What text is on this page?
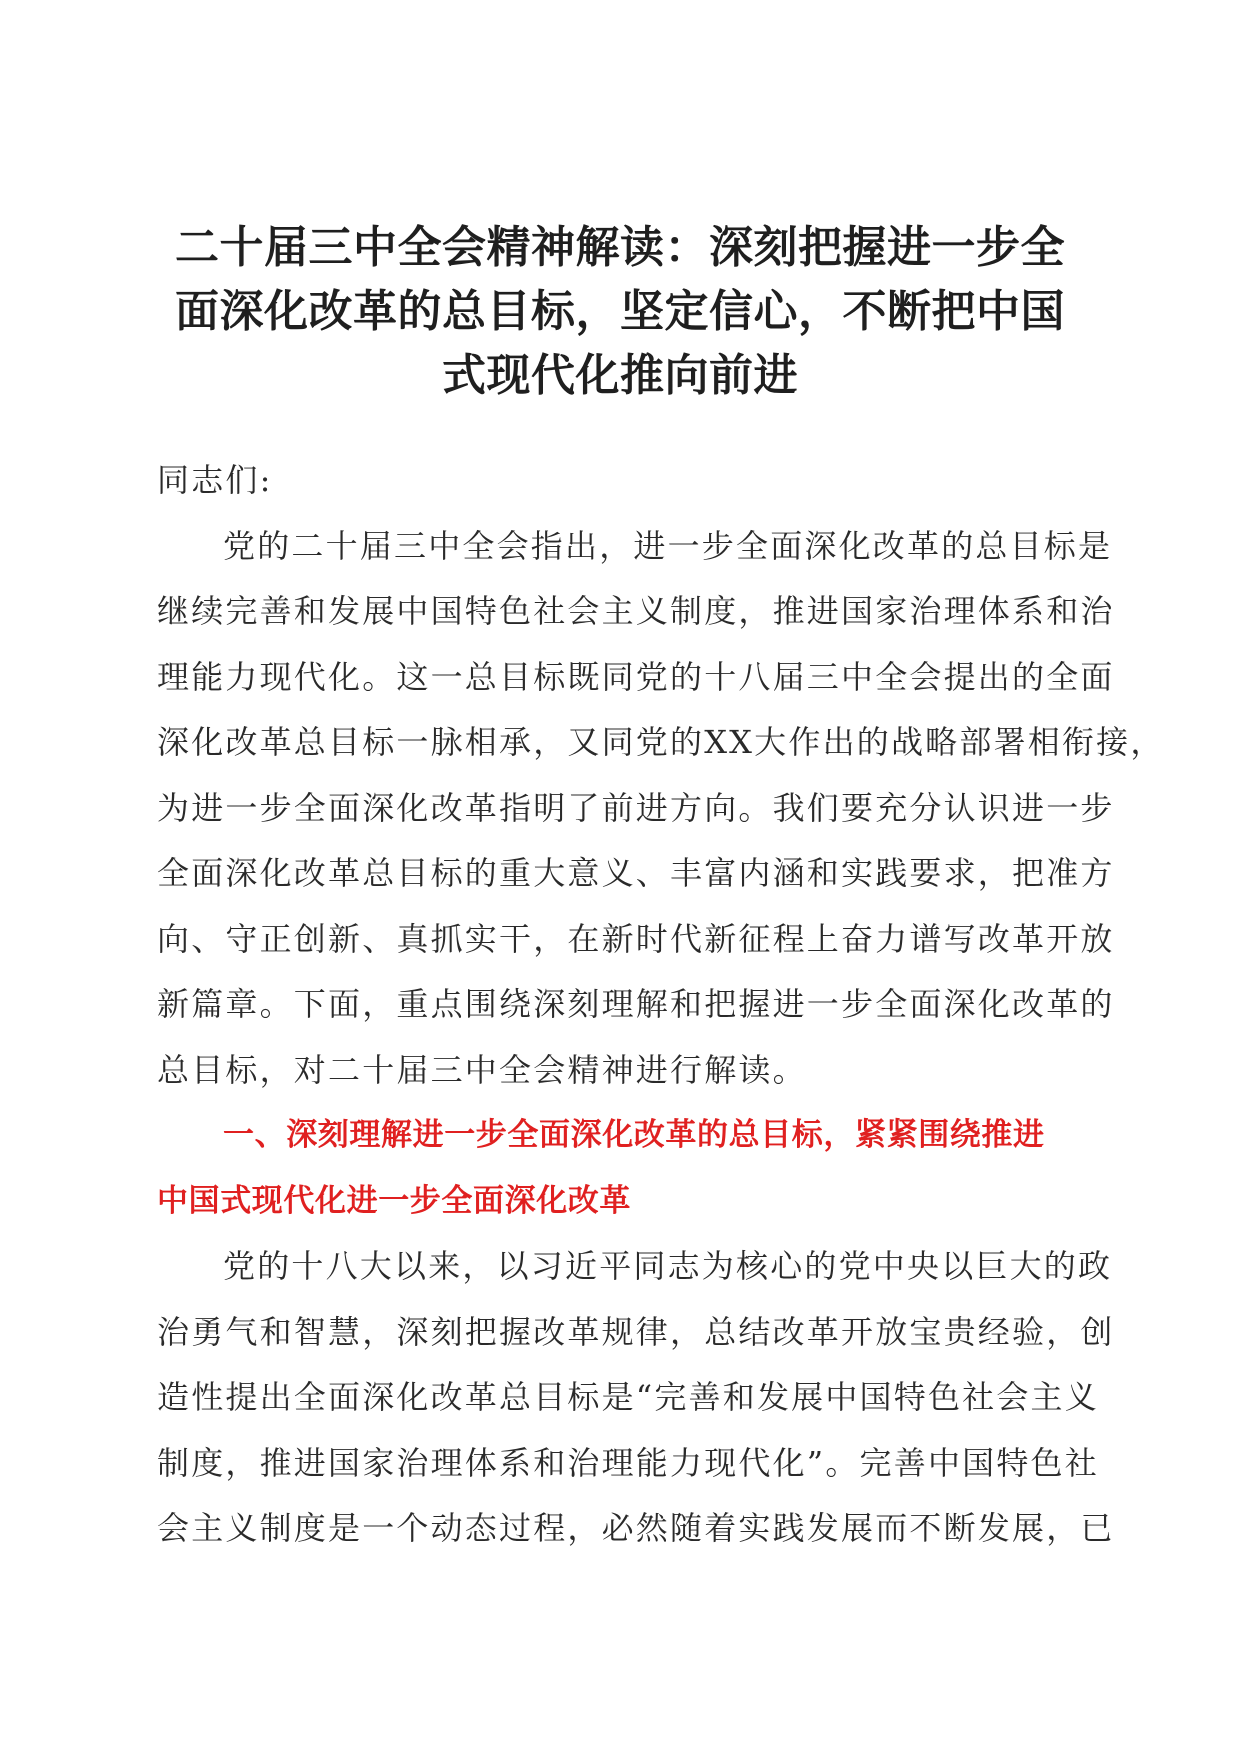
二十届三中全会精神解读：深刻把握进一步全
面深化改革的总目标，坚定信心，不断把中国
式现代化推向前进
同志们:
党的二十届三中全会指出，进一步全面深化改革的总目标是
继续完善和发展中国特色社会主义制度，推进国家治理体系和治
理能力现代化。这一总目标既同党的十八届三中全会提出的全面
深化改革总目标一脉相承，又同党的XX大作出的战略部署相衔接，
为进一步全面深化改革指明了前进方向。我们要充分认识进一步
全面深化改革总目标的重大意义、丰富内涵和实践要求，把准方
向、守正创新、真抓实干，在新时代新征程上奋力谱写改革开放
新篇章。下面，重点围绕深刻理解和把握进一步全面深化改革的
总目标，对二十届三中全会精神进行解读。
一、深刻理解进一步全面深化改革的总目标，紧紧围绕推进
中国式现代化进一步全面深化改革
党的十八大以来，以习近平同志为核心的党中央以巨大的政
治勇气和智慧，深刻把握改革规律，总结改革开放宝贵经验，创
造性提出全面深化改革总目标是“完善和发展中国特色社会主义
制度，推进国家治理体系和治理能力现代化”。完善中国特色社
会主义制度是一个动态过程，必然随着实践发展而不断发展，已
